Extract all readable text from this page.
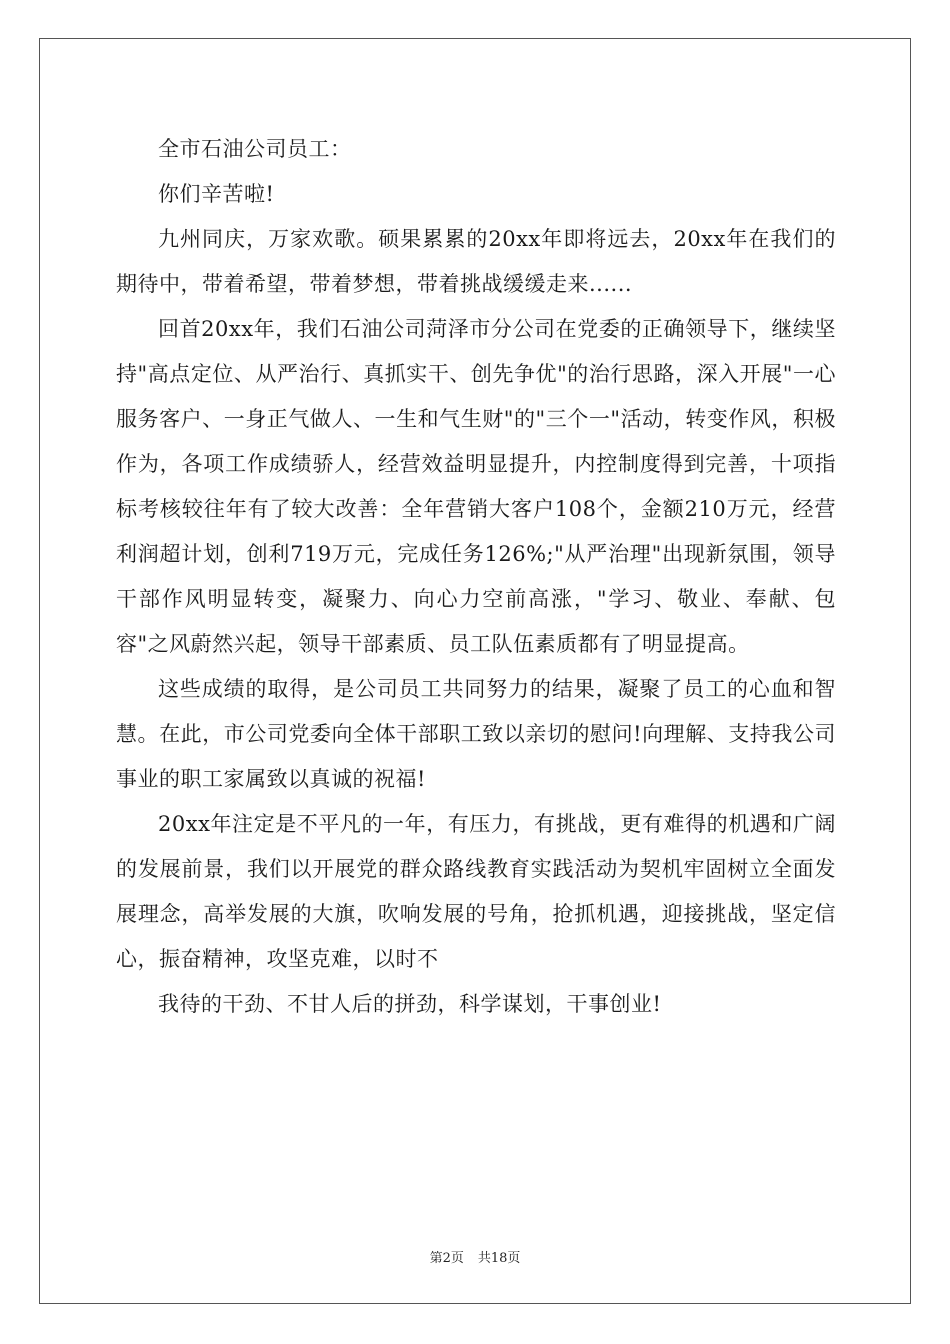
全市石油公司员工：

你们辛苦啦!

九州同庆，万家欢歌。硕果累累的20xx年即将远去，20xx年在我们的期待中，带着希望，带着梦想，带着挑战缓缓走来......

回首20xx年，我们石油公司菏泽市分公司在党委的正确领导下，继续坚持"高点定位、从严治行、真抓实干、创先争优"的治行思路，深入开展"一心服务客户、一身正气做人、一生和气生财"的"三个一"活动，转变作风，积极作为，各项工作成绩骄人，经营效益明显提升，内控制度得到完善，十项指标考核较往年有了较大改善：全年营销大客户108个，金额210万元，经营利润超计划，创利719万元，完成任务126%;"从严治理"出现新氛围，领导干部作风明显转变，凝聚力、向心力空前高涨，"学习、敬业、奉献、包容"之风蔚然兴起，领导干部素质、员工队伍素质都有了明显提高。

这些成绩的取得，是公司员工共同努力的结果，凝聚了员工的心血和智慧。在此，市公司党委向全体干部职工致以亲切的慰问!向理解、支持我公司事业的职工家属致以真诚的祝福!

20xx年注定是不平凡的一年，有压力，有挑战，更有难得的机遇和广阔的发展前景，我们以开展党的群众路线教育实践活动为契机牢固树立全面发展理念，高举发展的大旗，吹响发展的号角，抢抓机遇，迎接挑战，坚定信心，振奋精神，攻坚克难，以时不

我待的干劲、不甘人后的拼劲，科学谋划，干事创业!

第2页 共18页
